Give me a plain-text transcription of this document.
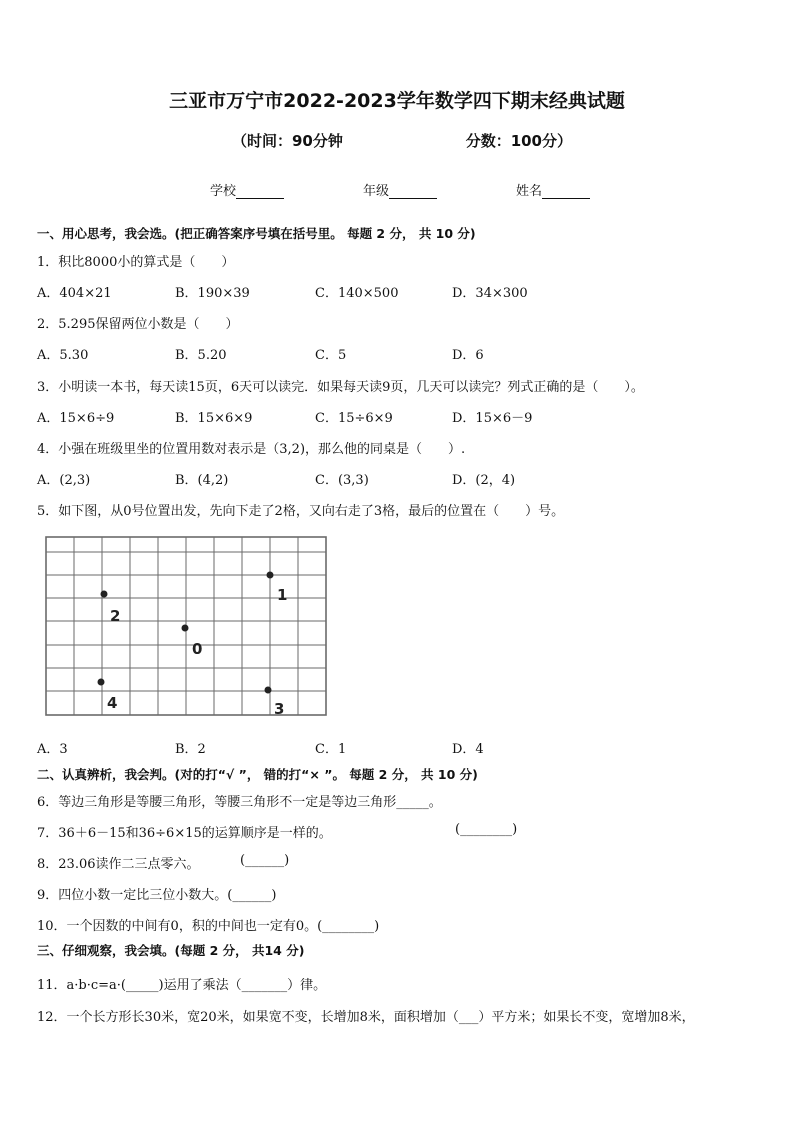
三亚市万宁市2022-2023学年数学四下期末经典试题
（时间：90分钟	分数：100分）
学校	年级	姓名
一、用心思考，我会选。(把正确答案序号填在括号里。 每题 2 分， 共 10 分)
1．积比8000小的算式是（　　）
A．404×21	B．190×39	C．140×500	D．34×300
2．5.295保留两位小数是（　　）
A．5.30	B．5.20	C．5	D．6
3．小明读一本书，每天读15页，6天可以读完．如果每天读9页，几天可以读完？列式正确的是（　　）。
A．15×6÷9	B．15×6×9	C．15÷6×9	D．15×6－9
4．小强在班级里坐的位置用数对表示是（3,2)，那么他的同桌是（　　）.
A．(2,3)	B．(4,2)	C．(3,3)	D．(2，4)
5．如下图，从0号位置出发，先向下走了2格，又向右走了3格，最后的位置在（　　）号。
1
2
0
4	3
A．3	B．2	C．1	D．4
二、认真辨析，我会判。(对的打“√ ”， 错的打“× ”。 每题 2 分， 共 10 分)
6．等边三角形是等腰三角形，等腰三角形不一定是等边三角形_____。
7．36＋6－15和36÷6×15的运算顺序是一样的。	(________)
8．23.06读作二三点零六。	(______)
9．四位小数一定比三位小数大。(______)
10．一个因数的中间有0，积的中间也一定有0。(________)
三、仔细观察，我会填。(每题 2 分， 共14 分)
11．a·b·c=a·(_____)运用了乘法（_______）律。
12．一个长方形长30米，宽20米，如果宽不变，长增加8米，面积增加（___）平方米；如果长不变，宽增加8米，
